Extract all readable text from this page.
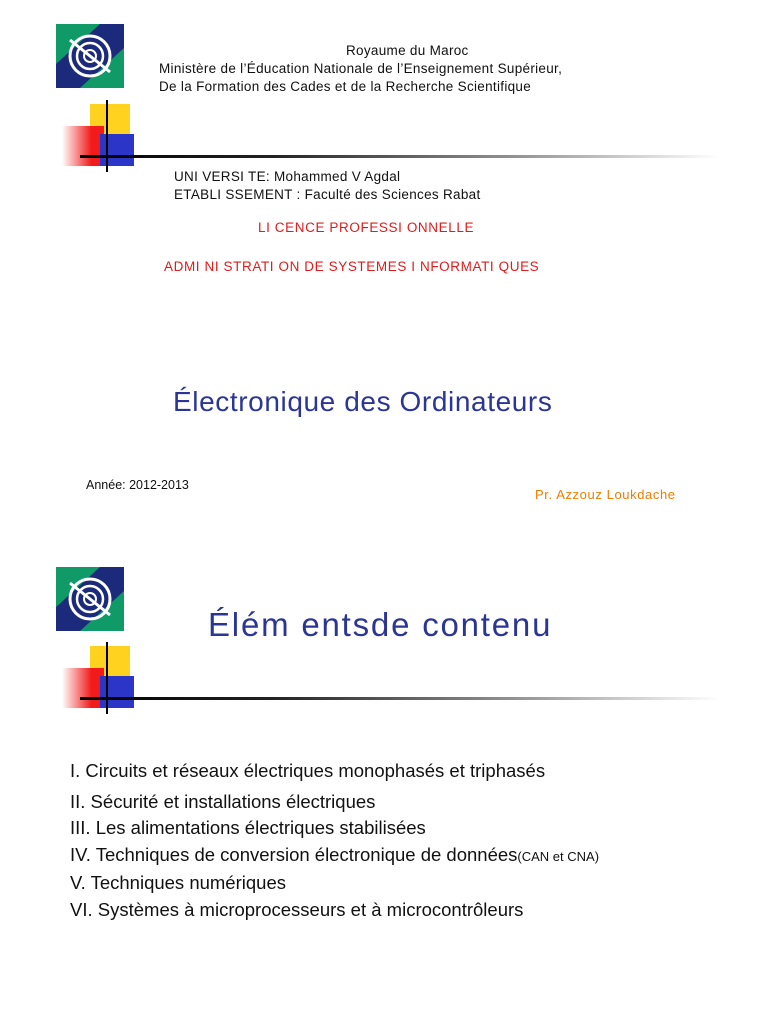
Royaume du Maroc
Ministère de l’Éducation Nationale de l’Enseignement Supérieur,
De la Formation des Cades et de la Recherche Scientifique
UNI VERSI TE: Mohammed V Agdal
ETABLI SSEMENT : Faculté des Sciences Rabat
LI CENCE PROFESSI ONNELLE
ADMI NI STRATI ON DE SYSTEMES I NFORMATI QUES
Électronique des Ordinateurs
Année: 2012-2013
Pr. Azzouz Loukdache
Élém entsde contenu
I. Circuits et réseaux électriques monophasés et triphasés
II. Sécurité et installations électriques
III. Les alimentations électriques stabilisées
IV. Techniques de conversion électronique de données(CAN et CNA)
V. Techniques numériques
VI. Systèmes à microprocesseurs et à microcontrôleurs
